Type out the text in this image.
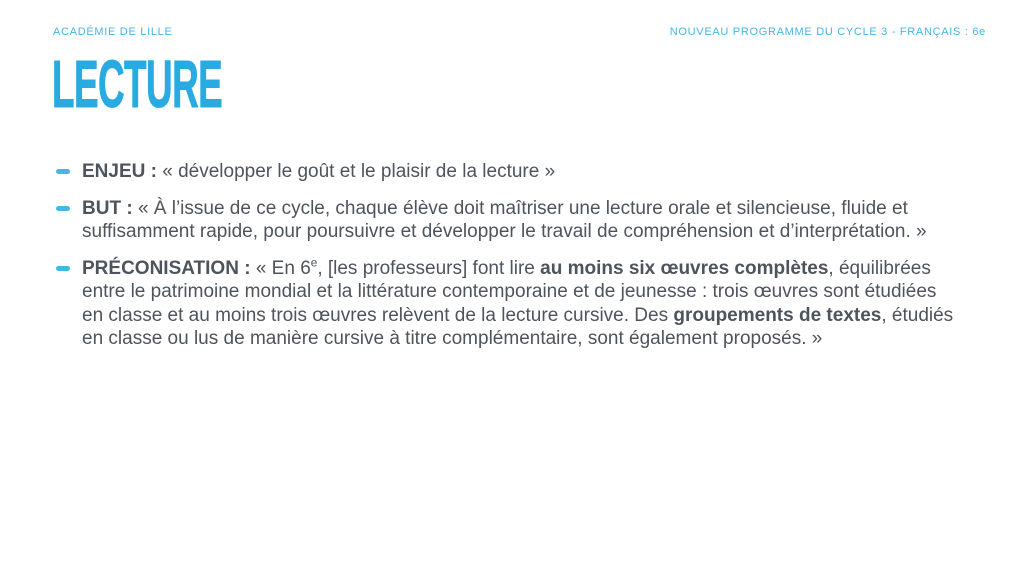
ACADÉMIE DE LILLE	NOUVEAU PROGRAMME DU CYCLE 3 - FRANÇAIS : 6e
LECTURE
ENJEU : « développer le goût et le plaisir de la lecture »
BUT : « À l’issue de ce cycle, chaque élève doit maîtriser une lecture orale et silencieuse, fluide et suffisamment rapide, pour poursuivre et développer le travail de compréhension et d’interprétation. »
PRÉCONISATION : « En 6e, [les professeurs] font lire au moins six œuvres complètes, équilibrées entre le patrimoine mondial et la littérature contemporaine et de jeunesse : trois œuvres sont étudiées en classe et au moins trois œuvres relèvent de la lecture cursive. Des groupements de textes, étudiés en classe ou lus de manière cursive à titre complémentaire, sont également proposés. »
